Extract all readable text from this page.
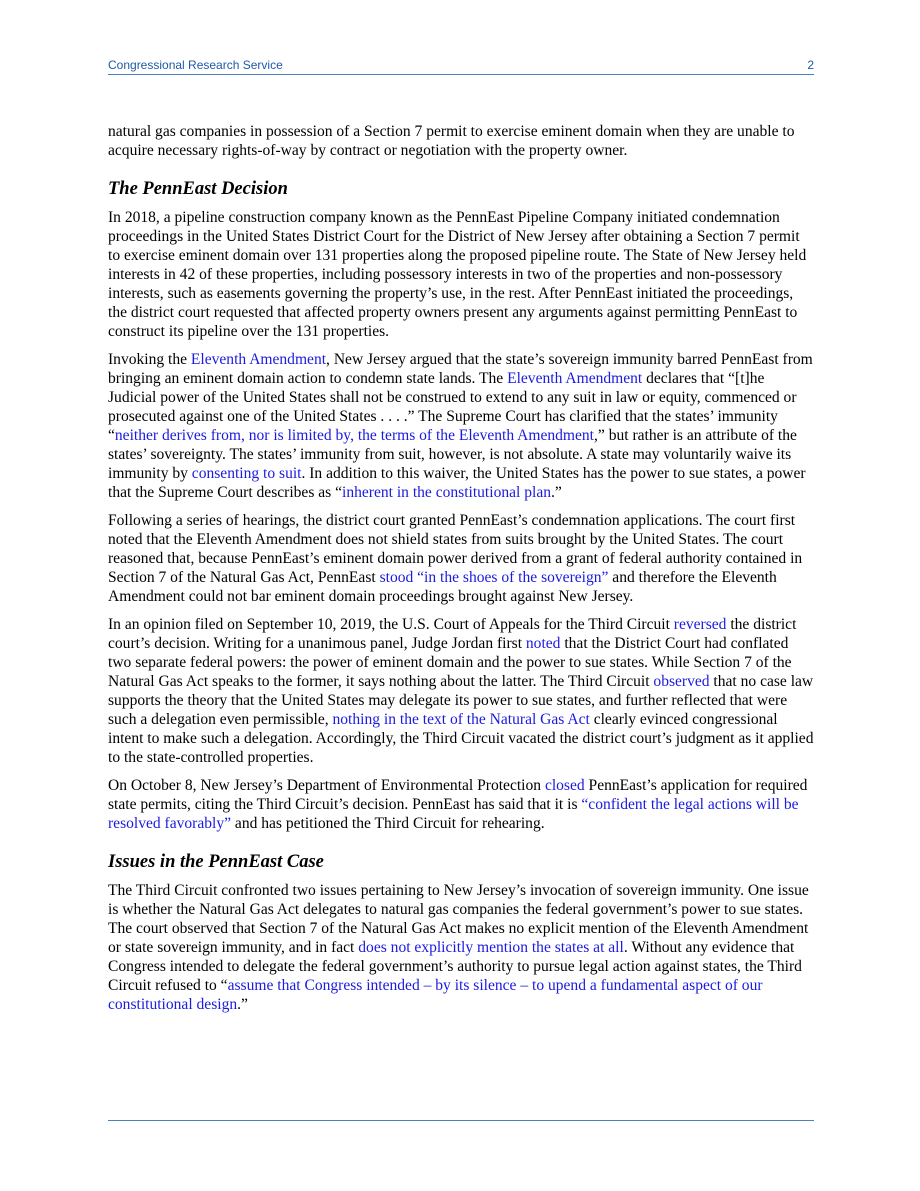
Congressional Research Service	2

natural gas companies in possession of a Section 7 permit to exercise eminent domain when they are unable to acquire necessary rights-of-way by contract or negotiation with the property owner.

The PennEast Decision

In 2018, a pipeline construction company known as the PennEast Pipeline Company initiated condemnation proceedings in the United States District Court for the District of New Jersey after obtaining a Section 7 permit to exercise eminent domain over 131 properties along the proposed pipeline route. The State of New Jersey held interests in 42 of these properties, including possessory interests in two of the properties and non-possessory interests, such as easements governing the property’s use, in the rest. After PennEast initiated the proceedings, the district court requested that affected property owners present any arguments against permitting PennEast to construct its pipeline over the 131 properties.

Invoking the Eleventh Amendment, New Jersey argued that the state’s sovereign immunity barred PennEast from bringing an eminent domain action to condemn state lands. The Eleventh Amendment declares that “[t]he Judicial power of the United States shall not be construed to extend to any suit in law or equity, commenced or prosecuted against one of the United States . . . .” The Supreme Court has clarified that the states’ immunity “neither derives from, nor is limited by, the terms of the Eleventh Amendment,” but rather is an attribute of the states’ sovereignty. The states’ immunity from suit, however, is not absolute. A state may voluntarily waive its immunity by consenting to suit. In addition to this waiver, the United States has the power to sue states, a power that the Supreme Court describes as “inherent in the constitutional plan.”

Following a series of hearings, the district court granted PennEast’s condemnation applications. The court first noted that the Eleventh Amendment does not shield states from suits brought by the United States. The court reasoned that, because PennEast’s eminent domain power derived from a grant of federal authority contained in Section 7 of the Natural Gas Act, PennEast stood “in the shoes of the sovereign” and therefore the Eleventh Amendment could not bar eminent domain proceedings brought against New Jersey.

In an opinion filed on September 10, 2019, the U.S. Court of Appeals for the Third Circuit reversed the district court’s decision. Writing for a unanimous panel, Judge Jordan first noted that the District Court had conflated two separate federal powers: the power of eminent domain and the power to sue states. While Section 7 of the Natural Gas Act speaks to the former, it says nothing about the latter. The Third Circuit observed that no case law supports the theory that the United States may delegate its power to sue states, and further reflected that were such a delegation even permissible, nothing in the text of the Natural Gas Act clearly evinced congressional intent to make such a delegation. Accordingly, the Third Circuit vacated the district court’s judgment as it applied to the state-controlled properties.

On October 8, New Jersey’s Department of Environmental Protection closed PennEast’s application for required state permits, citing the Third Circuit’s decision. PennEast has said that it is “confident the legal actions will be resolved favorably” and has petitioned the Third Circuit for rehearing.

Issues in the PennEast Case

The Third Circuit confronted two issues pertaining to New Jersey’s invocation of sovereign immunity. One issue is whether the Natural Gas Act delegates to natural gas companies the federal government’s power to sue states. The court observed that Section 7 of the Natural Gas Act makes no explicit mention of the Eleventh Amendment or state sovereign immunity, and in fact does not explicitly mention the states at all. Without any evidence that Congress intended to delegate the federal government’s authority to pursue legal action against states, the Third Circuit refused to “assume that Congress intended – by its silence – to upend a fundamental aspect of our constitutional design.”
